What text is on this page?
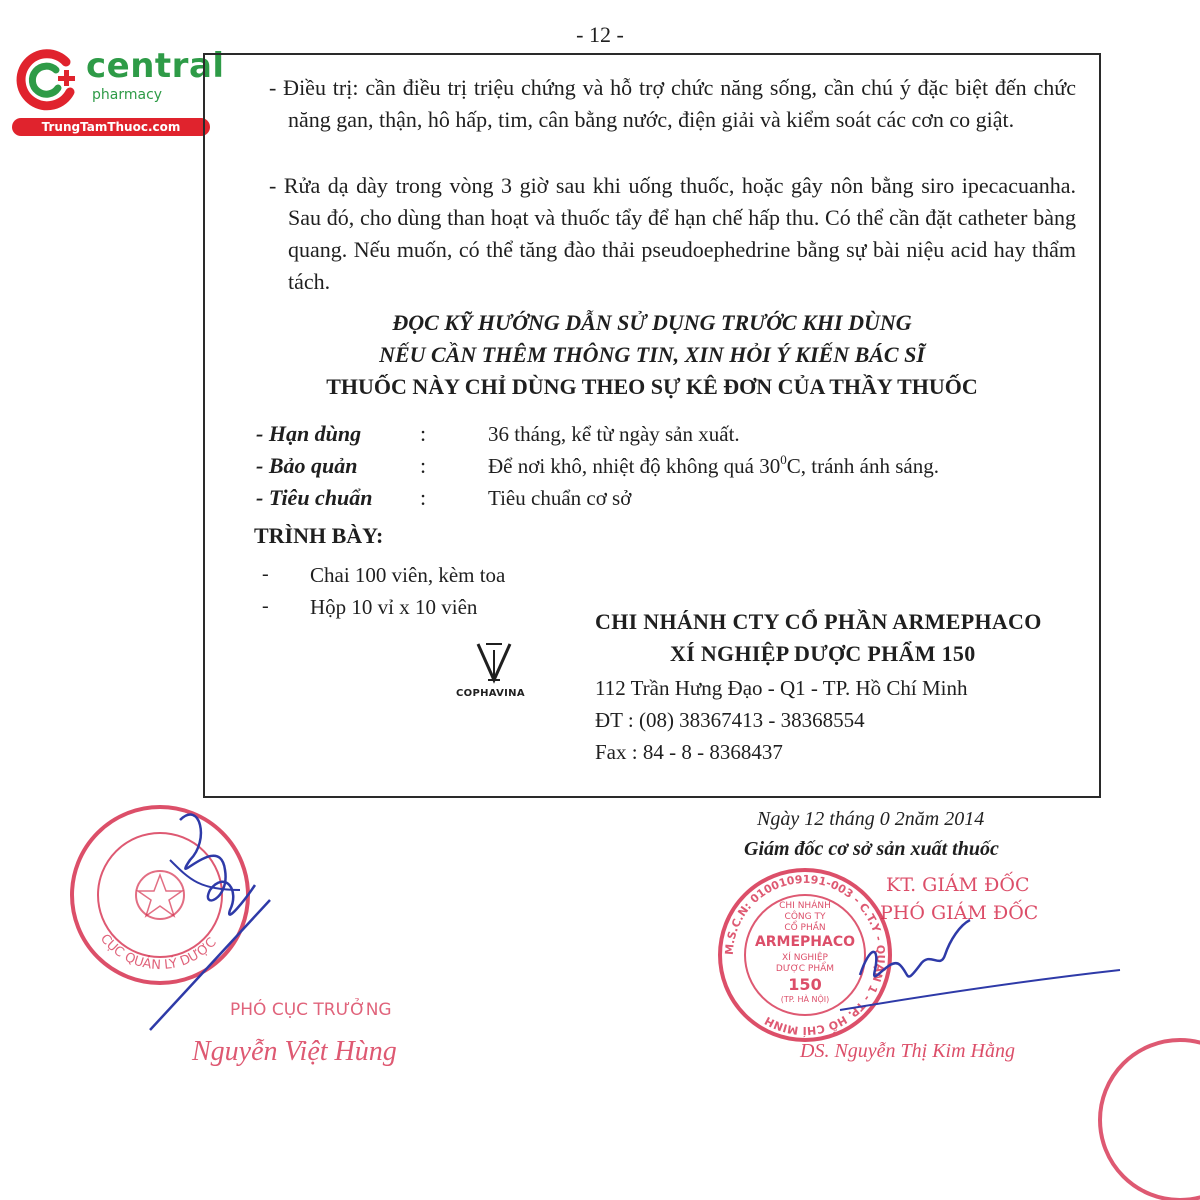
- 12 -
central
pharmacy
TrungTamThuoc.com
- Điều trị: cần điều trị triệu chứng và hỗ trợ chức năng sống, cần chú ý đặc biệt đến chức năng gan, thận, hô hấp, tim, cân bằng nước, điện giải và kiểm soát các cơn co giật.
- Rửa dạ dày trong vòng 3 giờ sau khi uống thuốc, hoặc gây nôn bằng siro ipecacuanha. Sau đó, cho dùng than hoạt và thuốc tẩy để hạn chế hấp thu. Có thể cần đặt catheter bàng quang. Nếu muốn, có thể tăng đào thải pseudoephedrine bằng sự bài niệu acid hay thẩm tách.
ĐỌC KỸ HƯỚNG DẪN SỬ DỤNG TRƯỚC KHI DÙNG
NẾU CẦN THÊM THÔNG TIN, XIN HỎI Ý KIẾN BÁC SĨ
THUỐC NÀY CHỈ DÙNG THEO SỰ KÊ ĐƠN CỦA THẦY THUỐC
- Hạn dùng	:	36 tháng, kể từ ngày sản xuất.
- Bảo quản	:	Để nơi khô, nhiệt độ không quá $30^0C$, tránh ánh sáng.
- Tiêu chuẩn :	Tiêu chuẩn cơ sở
TRÌNH BÀY:
- Chai 100 viên, kèm toa
- Hộp 10 vỉ x 10 viên
COPHAVINA
CHI NHÁNH CTY CỔ PHẦN ARMEPHACO
XÍ NGHIỆP DƯỢC PHẨM 150
112 Trần Hưng Đạo - Q1 - TP. Hồ Chí Minh
ĐT : (08) 38367413 - 38368554
Fax : 84 - 8 - 8368437
Ngày 12 tháng 0 2năm 2014
Giám đốc cơ sở sản xuất thuốc
CỤC QUẢN LÝ DƯỢC
PHÓ CỤC TRƯỞNG
Nguyễn Việt Hùng
M.S.C.N: 0100109191-003 - C.T.Y - QUẬN 1 - TP. HỒ CHÍ MINH
CHI NHÁNH
CÔNG TY
CỔ PHẦN
ARMEPHACO
XÍ NGHIỆP
DƯỢC PHẨM
150
(TP. HÀ NỘI)
KT. GIÁM ĐỐC
PHÓ GIÁM ĐỐC
DS. Nguyễn Thị Kim Hằng
